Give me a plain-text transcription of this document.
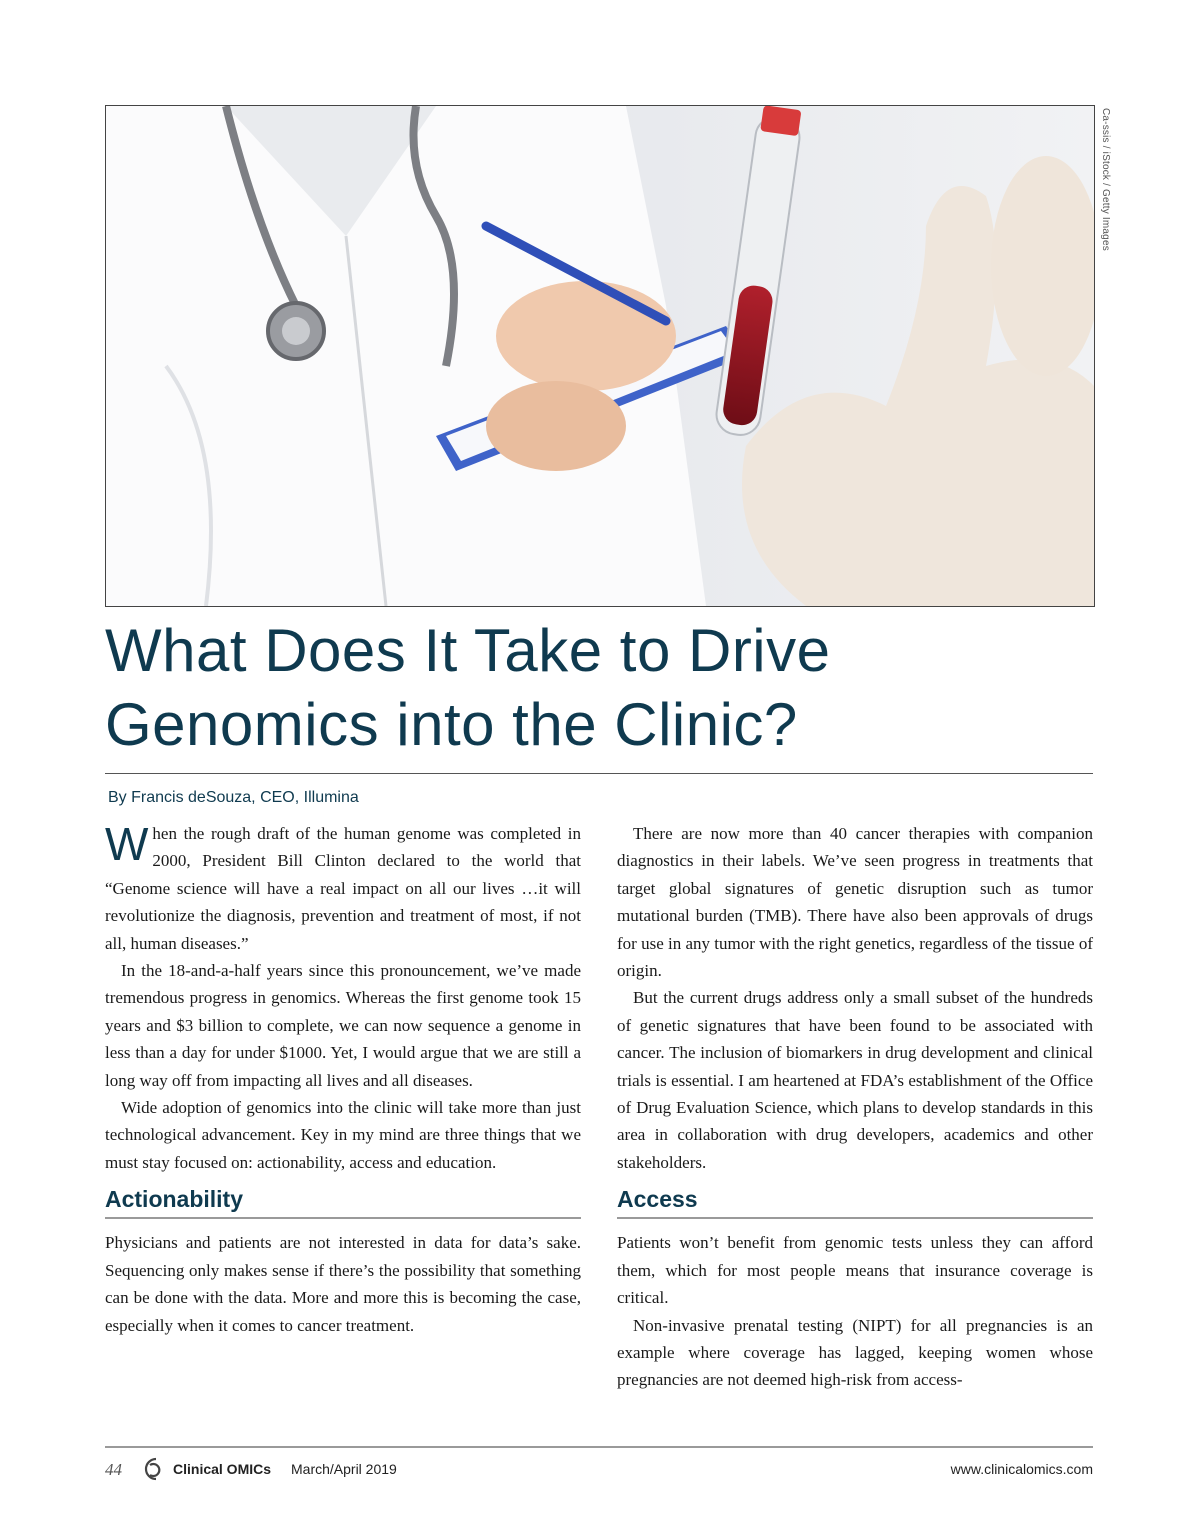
Ca-ssis / iStock / Getty Images
What Does It Take to Drive
Genomics into the Clinic?
By Francis deSouza, CEO, Illumina

When the rough draft of the human genome was completed in 2000, President Bill Clinton declared to the world that “Genome science will have a real impact on all our lives …it will revolutionize the diagnosis, prevention and treatment of most, if not all, human diseases.”

In the 18-and-a-half years since this pronouncement, we’ve made tremendous progress in genomics. Whereas the first genome took 15 years and $3 billion to complete, we can now sequence a genome in less than a day for under $1000. Yet, I would argue that we are still a long way off from impacting all lives and all diseases.

Wide adoption of genomics into the clinic will take more than just technological advancement. Key in my mind are three things that we must stay focused on: actionability, access and education.

Actionability

Physicians and patients are not interested in data for data’s sake. Sequencing only makes sense if there’s the possibility that something can be done with the data. More and more this is becoming the case, especially when it comes to cancer treatment.

There are now more than 40 cancer therapies with companion diagnostics in their labels. We’ve seen progress in treatments that target global signatures of genetic disruption such as tumor mutational burden (TMB). There have also been approvals of drugs for use in any tumor with the right genetics, regardless of the tissue of origin.

But the current drugs address only a small subset of the hundreds of genetic signatures that have been found to be associated with cancer. The inclusion of biomarkers in drug development and clinical trials is essential. I am heartened at FDA’s establishment of the Office of Drug Evaluation Science, which plans to develop standards in this area in collaboration with drug developers, academics and other stakeholders.

Access

Patients won’t benefit from genomic tests unless they can afford them, which for most people means that insurance coverage is critical.

Non-invasive prenatal testing (NIPT) for all pregnancies is an example where coverage has lagged, keeping women whose pregnancies are not deemed high-risk from access-

44	Clinical OMICs March/April 2019	www.clinicalomics.com
